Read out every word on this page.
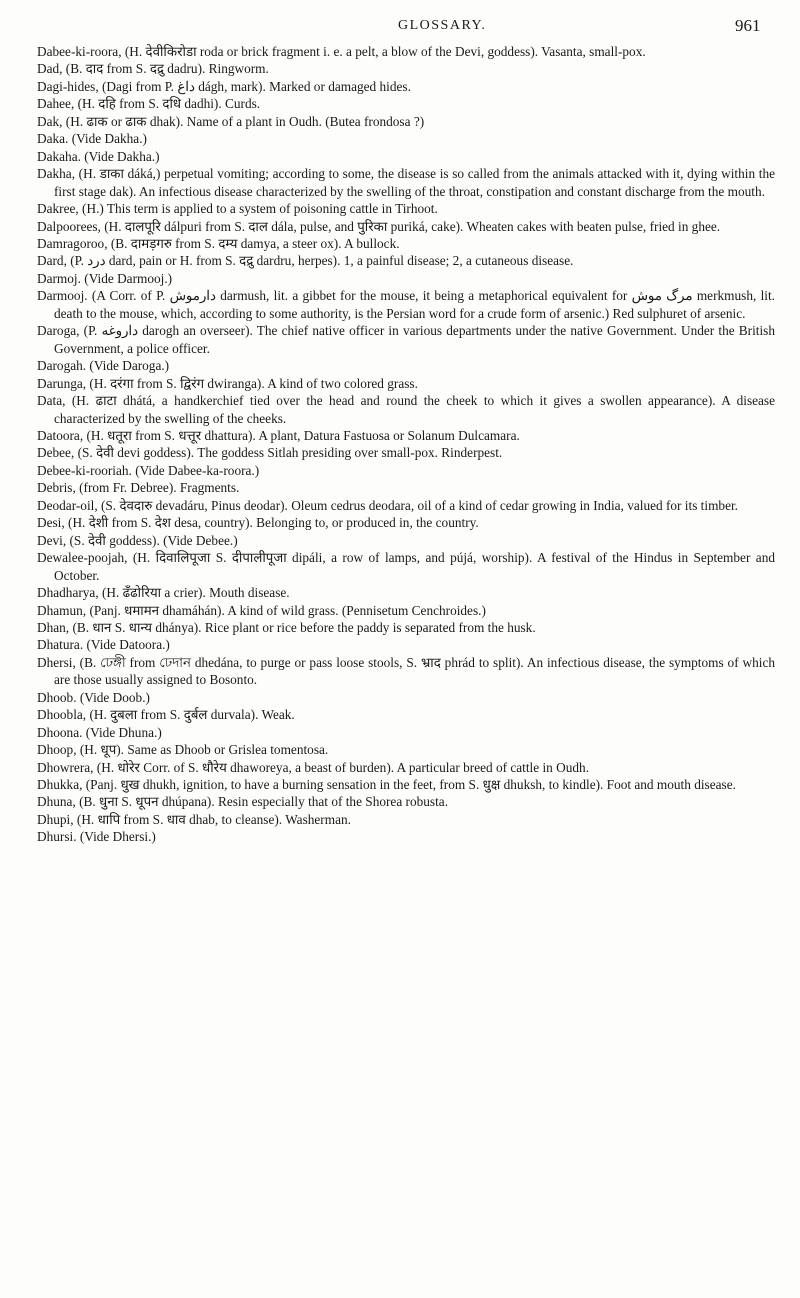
GLOSSARY.	961

Dabee-ki-roora, (H. देवीकिरोडा roda or brick fragment i. e. a pelt, a blow of the Devi, goddess). Vasanta, small-pox.

Dad, (B. दाद from S. दद्रु dadru). Ringworm.

Dagi-hides, (Dagi from P. داغ dágh, mark). Marked or damaged hides.

Dahee, (H. दहि from S. दधि dadhi). Curds.

Dak, (H. ढाक or ढाक dhak). Name of a plant in Oudh. (Butea frondosa ?)

Daka. (Vide Dakha.)

Dakaha. (Vide Dakha.)

Dakha, (H. डाका dáká,) perpetual vomiting; according to some, the disease is so called from the animals attacked with it, dying within the first stage dak). An infectious disease characterized by the swelling of the throat, constipation and constant discharge from the mouth.

Dakree, (H.) This term is applied to a system of poisoning cattle in Tirhoot.

Dalpoorees, (H. दालपूरि dálpuri from S. दाल dála, pulse, and पुरिका puriká, cake). Wheaten cakes with beaten pulse, fried in ghee.

Damragoroo, (B. दामड़गरु from S. दम्य damya, a steer ox). A bullock.

Dard, (P. درد dard, pain or H. from S. दद्रु dardru, herpes). 1, a painful disease; 2, a cutaneous disease.

Darmoj. (Vide Darmooj.)

Darmooj. (A Corr. of P. دارموش darmush, lit. a gibbet for the mouse, it being a metaphorical equivalent for مرگ موش merkmush, lit. death to the mouse, which, according to some authority, is the Persian word for a crude form of arsenic.) Red sulphuret of arsenic.

Daroga, (P. داروغه darogh an overseer). The chief native officer in various departments under the native Government. Under the British Government, a police officer.

Darogah. (Vide Daroga.)

Darunga, (H. दरंगा from S. द्विरंग dwiranga). A kind of two colored grass.

Data, (H. ढाटा dhátá, a handkerchief tied over the head and round the cheek to which it gives a swollen appearance). A disease characterized by the swelling of the cheeks.

Datoora, (H. धतूरा from S. धत्तूर dhattura). A plant, Datura Fastuosa or Solanum Dulcamara.

Debee, (S. देवी devi goddess). The goddess Sitlah presiding over small-pox. Rinderpest.

Debee-ki-rooriah. (Vide Dabee-ka-roora.)

Debris, (from Fr. Debree). Fragments.

Deodar-oil, (S. देवदारु devadáru, Pinus deodar). Oleum cedrus deodara, oil of a kind of cedar growing in India, valued for its timber.

Desi, (H. देशी from S. देश desa, country). Belonging to, or produced in, the country.

Devi, (S. देवी goddess). (Vide Debee.)

Dewalee-poojah, (H. दिवालिपूजा S. दीपालीपूजा dipáli, a row of lamps, and pújá, worship). A festival of the Hindus in September and October.

Dhadharya, (H. ढँढोरिया a crier). Mouth disease.

Dhamun, (Panj. धमामन dhamáhán). A kind of wild grass. (Pennisetum Cenchroides.)

Dhan, (B. धान S. धान्य dhánya). Rice plant or rice before the paddy is separated from the husk.

Dhatura. (Vide Datoora.)

Dhersi, (B. ঢেঙ্গী from ঢেদান dhedána, to purge or pass loose stools, S. भ्राद phrád to split). An infectious disease, the symptoms of which are those usually assigned to Bosonto.

Dhoob. (Vide Doob.)

Dhoobla, (H. दुबला from S. दुर्बल durvala). Weak.

Dhoona. (Vide Dhuna.)

Dhoop, (H. धूप). Same as Dhoob or Grislea tomentosa.

Dhowrera, (H. धोरेर Corr. of S. धौरेय dhaworeya, a beast of burden). A particular breed of cattle in Oudh.

Dhukka, (Panj. धुख dhukh, ignition, to have a burning sensation in the feet, from S. धुक्ष dhuksh, to kindle). Foot and mouth disease.

Dhuna, (B. धुना S. धूपन dhúpana). Resin especially that of the Shorea robusta.

Dhupi, (H. धापि from S. धाव dhab, to cleanse). Washerman.

Dhursi. (Vide Dhersi.)
